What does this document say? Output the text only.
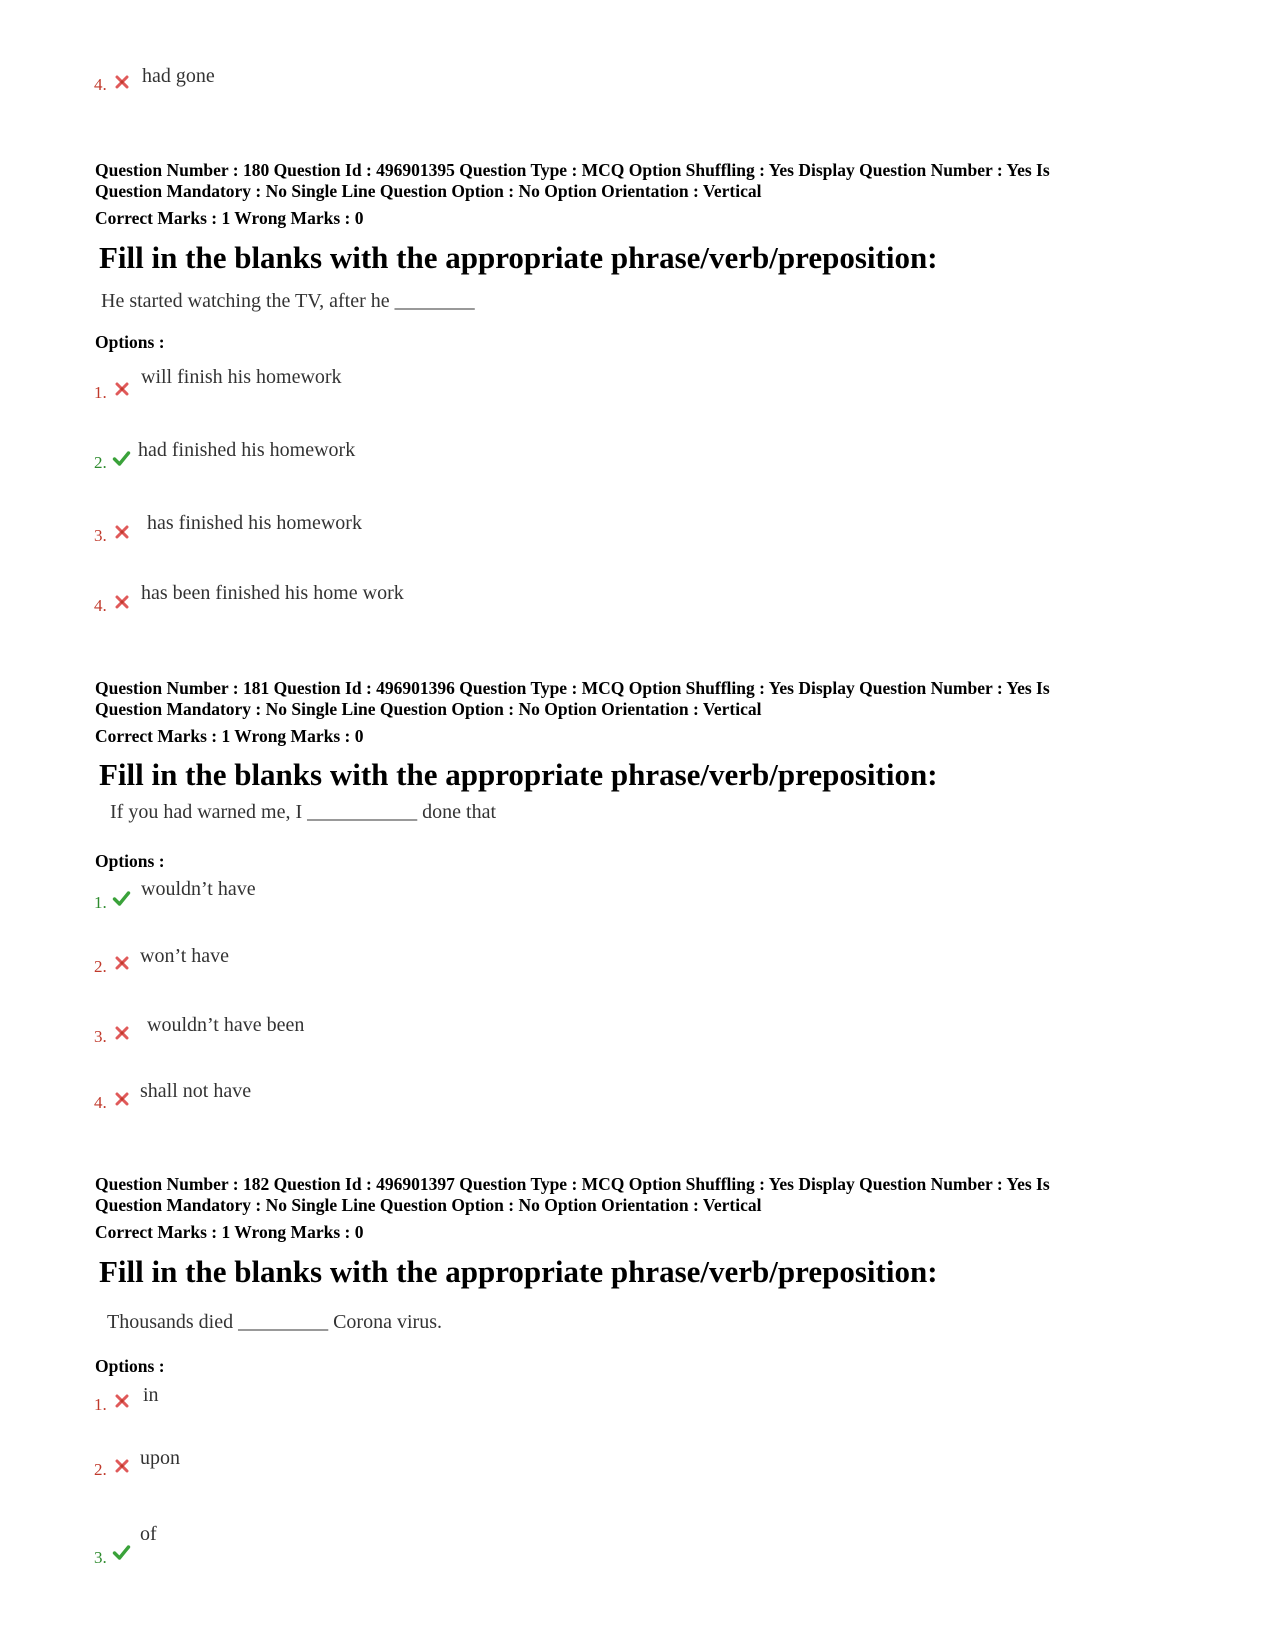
4. had gone
Question Number : 180 Question Id : 496901395 Question Type : MCQ Option Shuffling : Yes Display Question Number : Yes Is
Question Mandatory : No Single Line Question Option : No Option Orientation : Vertical
Correct Marks : 1 Wrong Marks : 0
Fill in the blanks with the appropriate phrase/verb/preposition:
He started watching the TV, after he ________
Options :
1.
will finish his homework
2.
had finished his homework
3.
has finished his homework
4.
has been finished his home work
Question Number : 181 Question Id : 496901396 Question Type : MCQ Option Shuffling : Yes Display Question Number : Yes Is
Question Mandatory : No Single Line Question Option : No Option Orientation : Vertical
Correct Marks : 1 Wrong Marks : 0
Fill in the blanks with the appropriate phrase/verb/preposition:
If you had warned me, I ___________ done that
Options :
1.
wouldn’t have
2. won’t have
3.
wouldn’t have been
4.
shall not have
Question Number : 182 Question Id : 496901397 Question Type : MCQ Option Shuffling : Yes Display Question Number : Yes Is
Question Mandatory : No Single Line Question Option : No Option Orientation : Vertical
Correct Marks : 1 Wrong Marks : 0
Fill in the blanks with the appropriate phrase/verb/preposition:
Thousands died _________ Corona virus.
Options :
1. in
2.
upon
3.
of
